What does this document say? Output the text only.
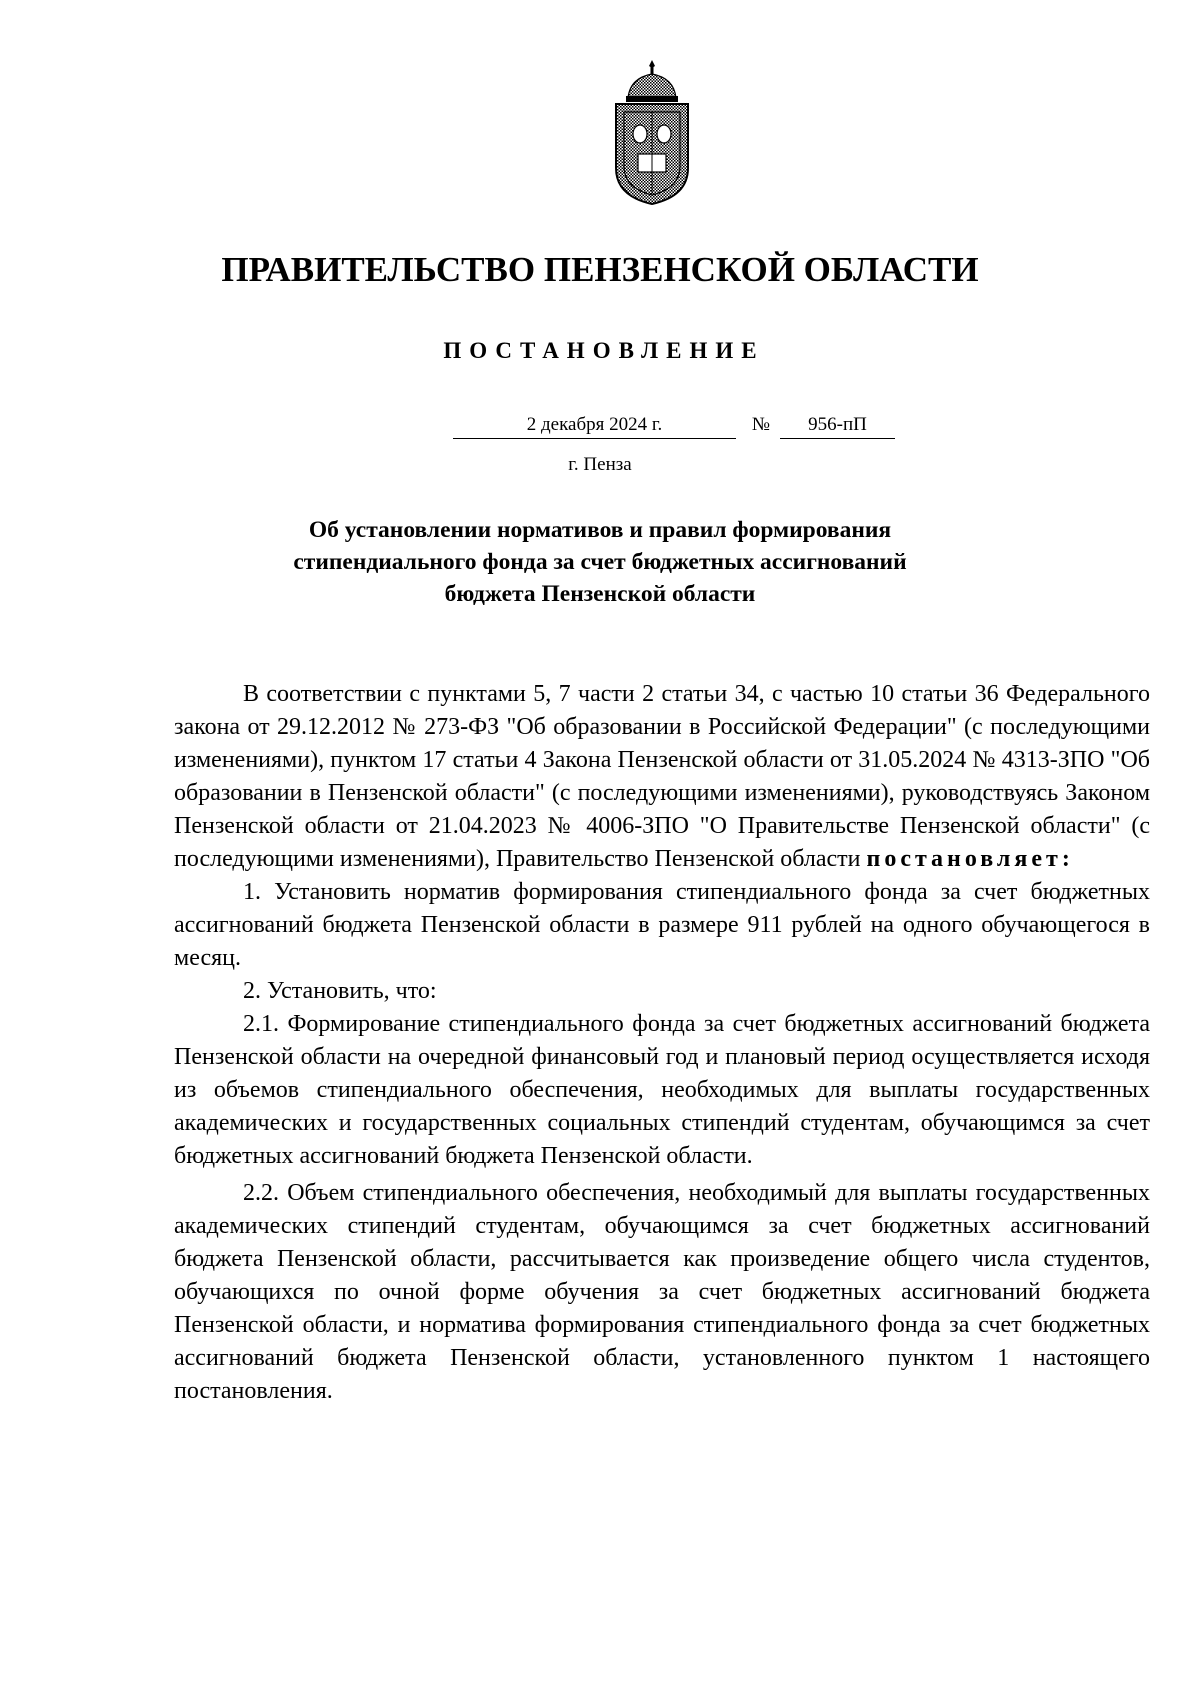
ПРАВИТЕЛЬСТВО ПЕНЗЕНСКОЙ ОБЛАСТИ
ПОСТАНОВЛЕНИЕ
2 декабря 2024 г.	№	956-пП
г. Пенза
Об установлении нормативов и правил формирования
стипендиального фонда за счет бюджетных ассигнований
бюджета Пензенской области

В соответствии с пунктами 5, 7 части 2 статьи 34, с частью 10 статьи 36 Федерального закона от 29.12.2012 № 273-ФЗ "Об образовании в Российской Федерации" (с последующими изменениями), пунктом 17 статьи 4 Закона Пензенской области от 31.05.2024 № 4313-ЗПО "Об образовании в Пензенской области" (с последующими изменениями), руководствуясь Законом Пензенской области от 21.04.2023 № 4006-ЗПО "О Правительстве Пензенской области" (с последующими изменениями), Правительство Пензенской области постановляет:

1. Установить норматив формирования стипендиального фонда за счет бюджетных ассигнований бюджета Пензенской области в размере 911 рублей на одного обучающегося в месяц.

2. Установить, что:

2.1. Формирование стипендиального фонда за счет бюджетных ассигнований бюджета Пензенской области на очередной финансовый год и плановый период осуществляется исходя из объемов стипендиального обеспечения, необходимых для выплаты государственных академических и государственных социальных стипендий студентам, обучающимся за счет бюджетных ассигнований бюджета Пензенской области.

2.2. Объем стипендиального обеспечения, необходимый для выплаты государственных академических стипендий студентам, обучающимся за счет бюджетных ассигнований бюджета Пензенской области, рассчитывается как произведение общего числа студентов, обучающихся по очной форме обучения за счет бюджетных ассигнований бюджета Пензенской области, и норматива формирования стипендиального фонда за счет бюджетных ассигнований бюджета Пензенской области, установленного пунктом 1 настоящего постановления.
